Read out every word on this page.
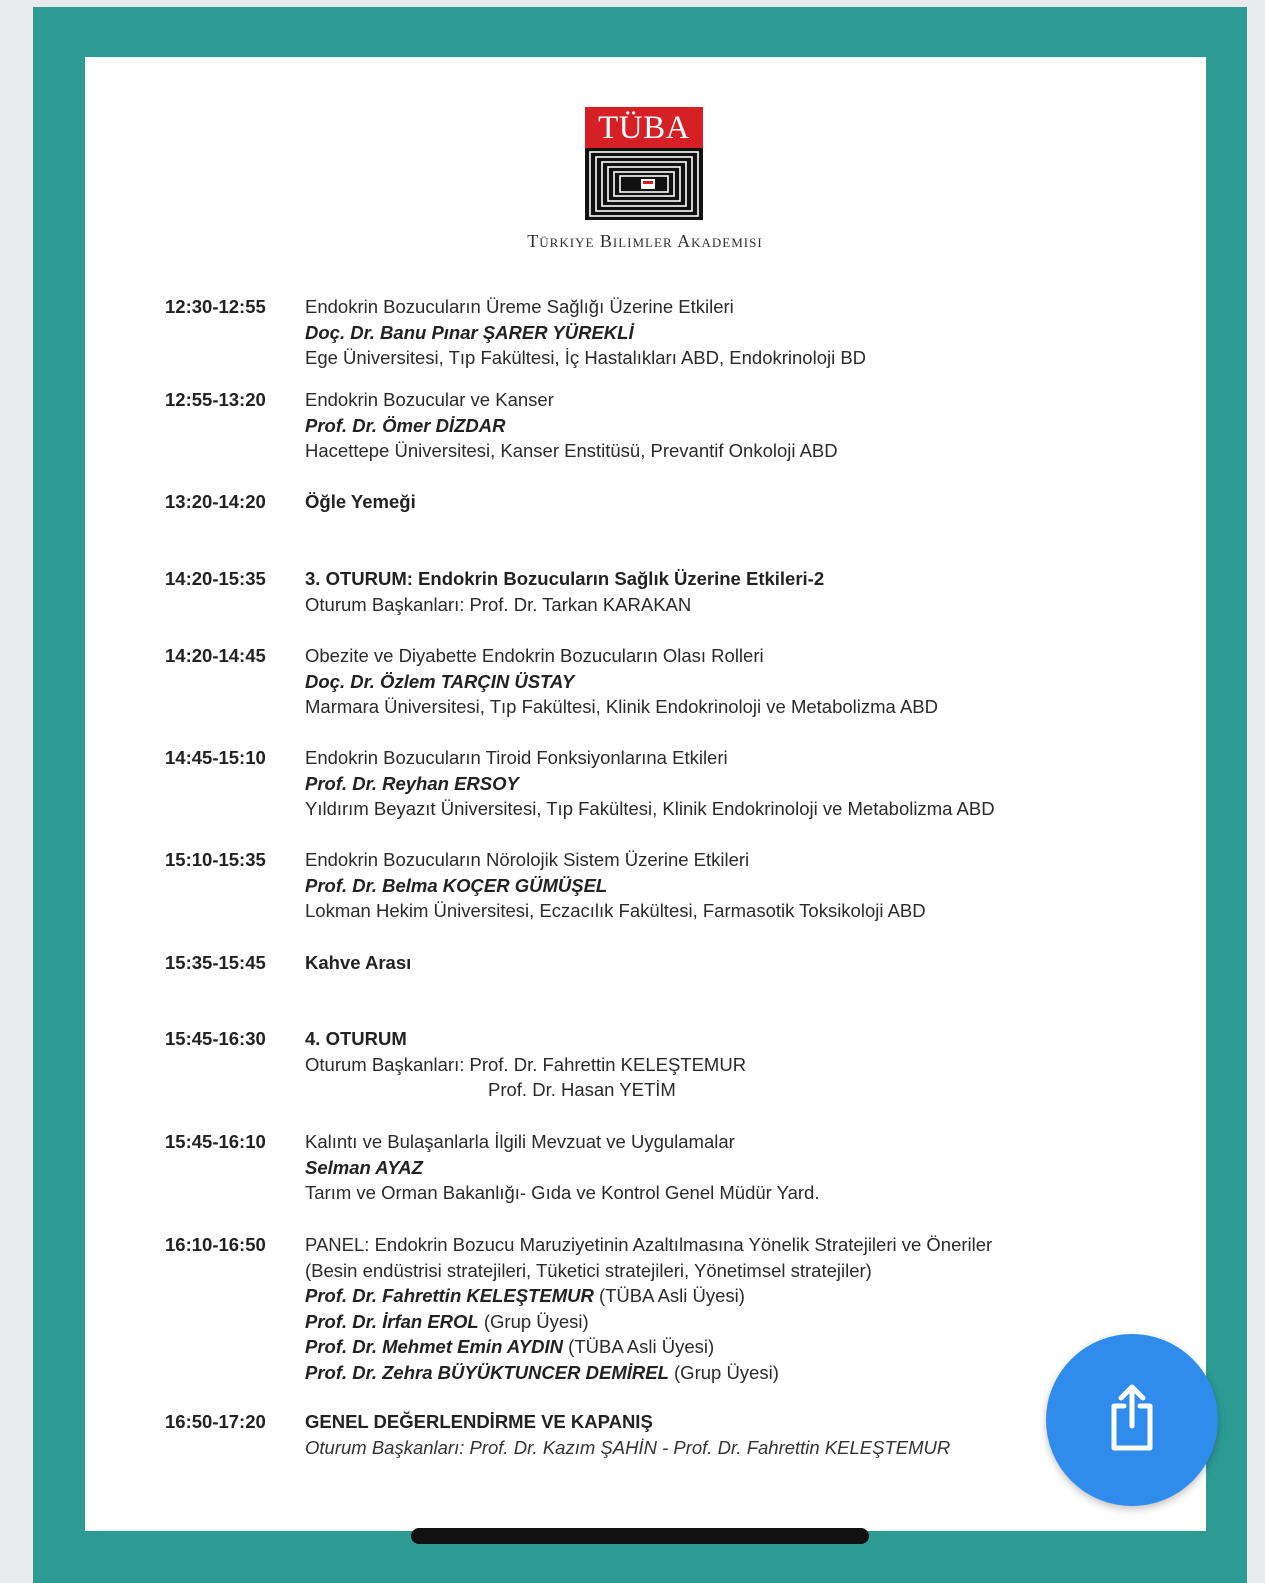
TÜBA
Türkiye Bilimler Akademisi
12:30-12:55	Endokrin Bozucuların Üreme Sağlığı Üzerine Etkileri
Doç. Dr. Banu Pınar ŞARER YÜREKLİ
Ege Üniversitesi, Tıp Fakültesi, İç Hastalıkları ABD, Endokrinoloji BD
12:55-13:20	Endokrin Bozucular ve Kanser
Prof. Dr. Ömer DİZDAR
Hacettepe Üniversitesi, Kanser Enstitüsü, Prevantif Onkoloji ABD
13:20-14:20	Öğle Yemeği
14:20-15:35	3. OTURUM: Endokrin Bozucuların Sağlık Üzerine Etkileri-2
Oturum Başkanları: Prof. Dr. Tarkan KARAKAN
14:20-14:45	Obezite ve Diyabette Endokrin Bozucuların Olası Rolleri
Doç. Dr. Özlem TARÇIN ÜSTAY
Marmara Üniversitesi, Tıp Fakültesi, Klinik Endokrinoloji ve Metabolizma ABD
14:45-15:10	Endokrin Bozucuların Tiroid Fonksiyonlarına Etkileri
Prof. Dr. Reyhan ERSOY
Yıldırım Beyazıt Üniversitesi, Tıp Fakültesi, Klinik Endokrinoloji ve Metabolizma ABD
15:10-15:35	Endokrin Bozucuların Nörolojik Sistem Üzerine Etkileri
Prof. Dr. Belma KOÇER GÜMÜŞEL
Lokman Hekim Üniversitesi, Eczacılık Fakültesi, Farmasotik Toksikoloji ABD
15:35-15:45	Kahve Arası
15:45-16:30	4. OTURUM
Oturum Başkanları: Prof. Dr. Fahrettin KELEŞTEMUR
Prof. Dr. Hasan YETİM
15:45-16:10	Kalıntı ve Bulaşanlarla İlgili Mevzuat ve Uygulamalar
Selman AYAZ
Tarım ve Orman Bakanlığı- Gıda ve Kontrol Genel Müdür Yard.
16:10-16:50	PANEL: Endokrin Bozucu Maruziyetinin Azaltılmasına Yönelik Stratejileri ve Öneriler
(Besin endüstrisi stratejileri, Tüketici stratejileri, Yönetimsel stratejiler)
Prof. Dr. Fahrettin KELEŞTEMUR (TÜBA Asli Üyesi)
Prof. Dr. İrfan EROL (Grup Üyesi)
Prof. Dr. Mehmet Emin AYDIN (TÜBA Asli Üyesi)
Prof. Dr. Zehra BÜYÜKTUNCER DEMİREL (Grup Üyesi)
16:50-17:20	GENEL DEĞERLENDİRME VE KAPANIŞ
Oturum Başkanları: Prof. Dr. Kazım ŞAHİN - Prof. Dr. Fahrettin KELEŞTEMUR
